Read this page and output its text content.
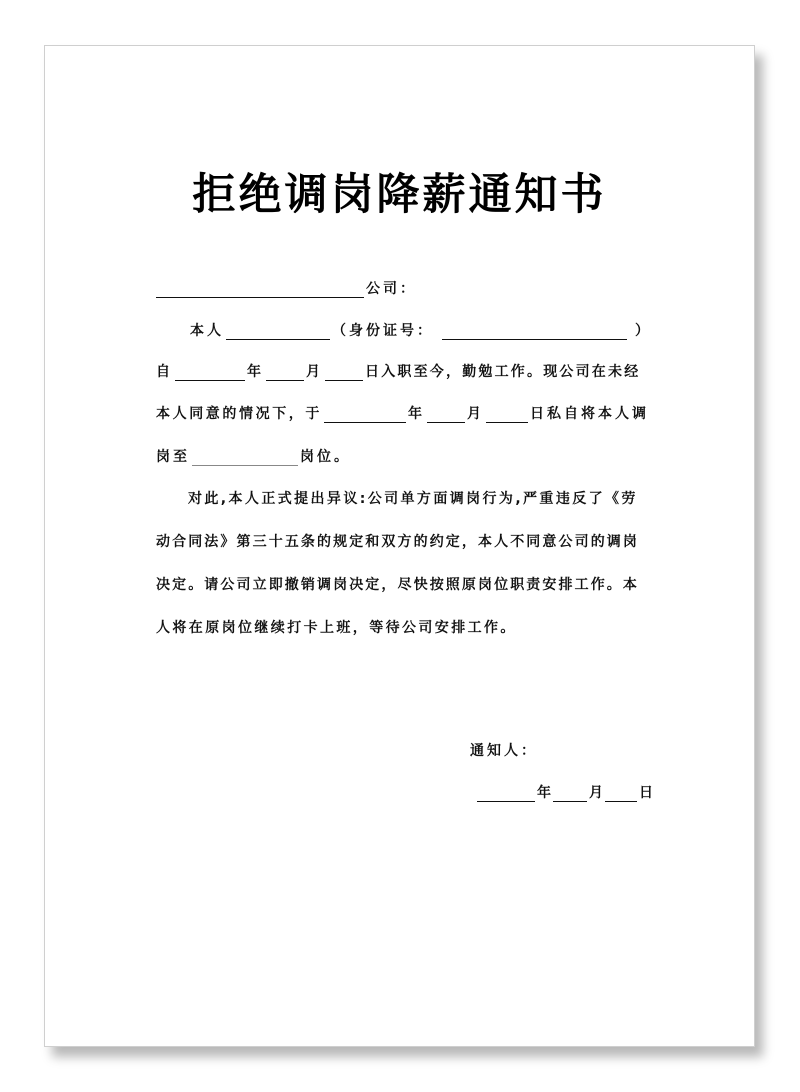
拒绝调岗降薪通知书
公司：
本人	（身份证号：	）
自	年	月	日入职至今，勤勉工作。现公司在未经
本人同意的情况下，于	年	月	日私自将本人调
岗至	岗位。
对此,本人正式提出异议:公司单方面调岗行为,严重违反了《劳
动合同法》第三十五条的规定和双方的约定，本人不同意公司的调岗
决定。请公司立即撤销调岗决定，尽快按照原岗位职责安排工作。本
人将在原岗位继续打卡上班，等待公司安排工作。
通知人：
年	月	日
